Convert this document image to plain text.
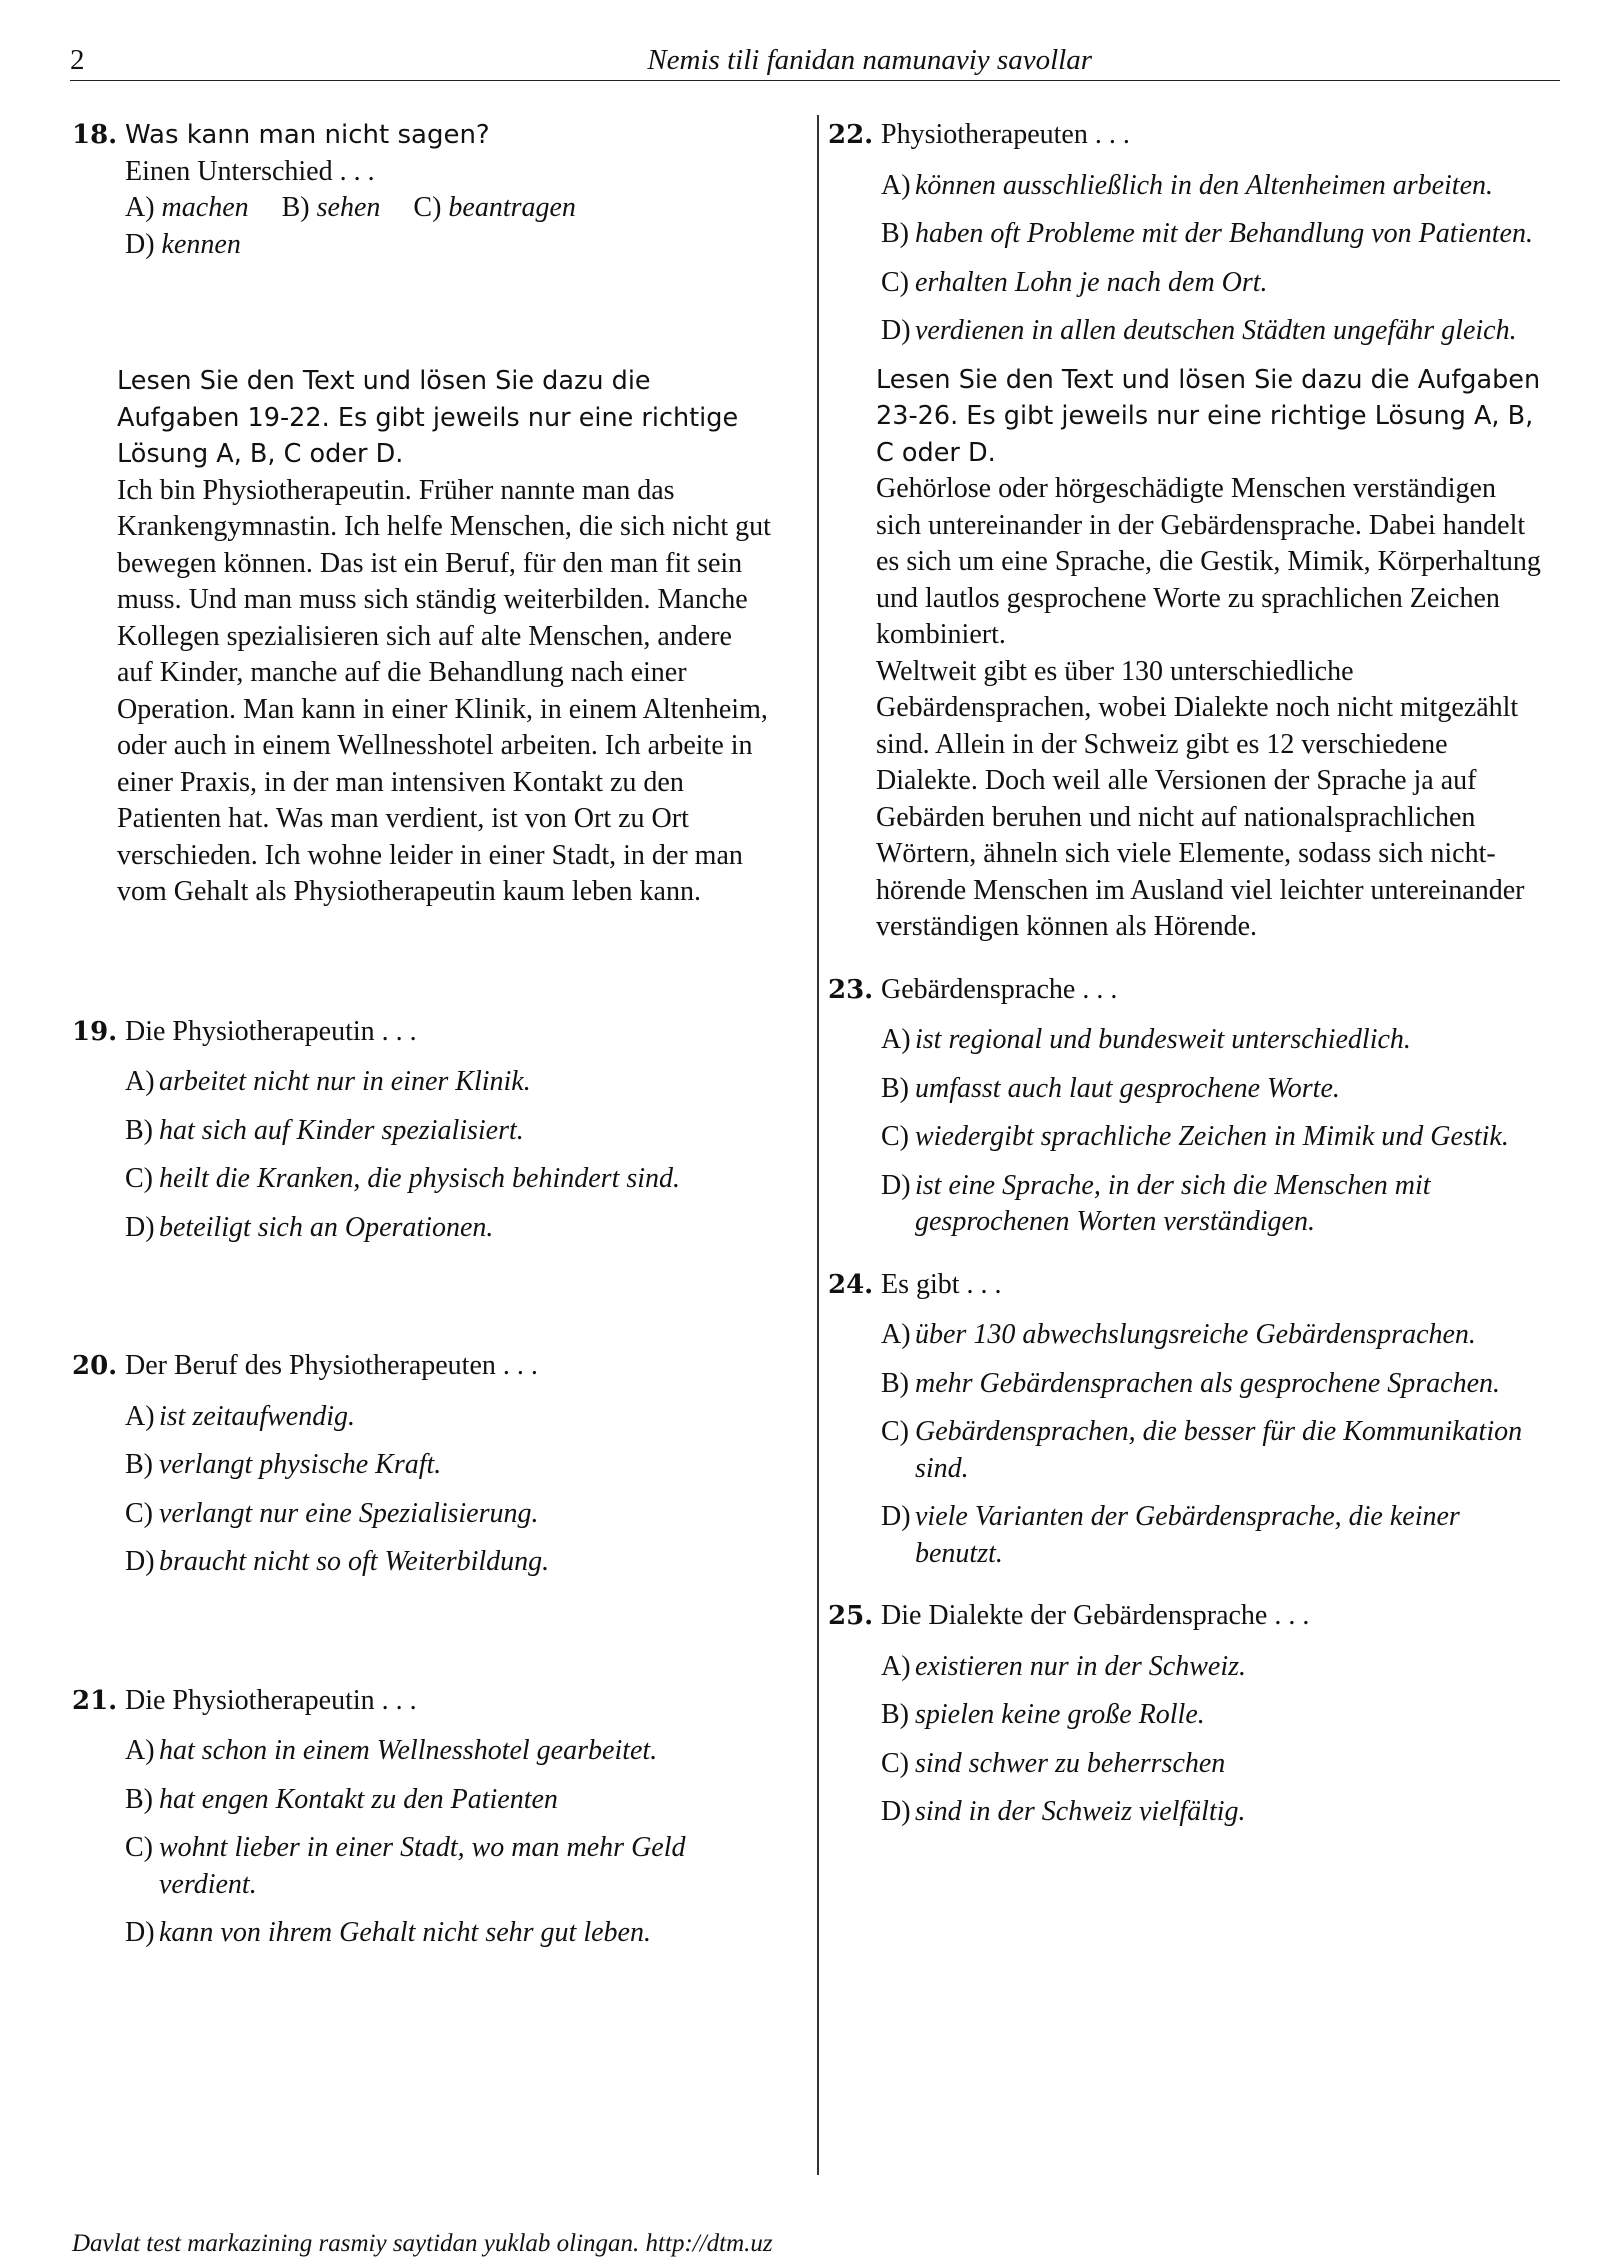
2	Nemis tili fanidan namunaviy savollar
18. Was kann man nicht sagen?
Einen Unterschied . . .
A) machen B) sehen C) beantragen
D) kennen
Lesen Sie den Text und lösen Sie dazu die Aufgaben 19-22. Es gibt jeweils nur eine richtige Lösung A, B, C oder D.
Ich bin Physiotherapeutin. Früher nannte man das Krankengymnastin. Ich helfe Menschen, die sich nicht gut bewegen können. Das ist ein Beruf, für den man fit sein muss. Und man muss sich ständig weiterbilden. Manche Kollegen spezialisieren sich auf alte Menschen, andere auf Kinder, manche auf die Behandlung nach einer Operation. Man kann in einer Klinik, in einem Altenheim, oder auch in einem Wellnesshotel arbeiten. Ich arbeite in einer Praxis, in der man intensiven Kontakt zu den Patienten hat. Was man verdient, ist von Ort zu Ort verschieden. Ich wohne leider in einer Stadt, in der man vom Gehalt als Physiotherapeutin kaum leben kann.
19. Die Physiotherapeutin . . .
A) arbeitet nicht nur in einer Klinik.
B) hat sich auf Kinder spezialisiert.
C) heilt die Kranken, die physisch behindert sind.
D) beteiligt sich an Operationen.
20. Der Beruf des Physiotherapeuten . . .
A) ist zeitaufwendig.
B) verlangt physische Kraft.
C) verlangt nur eine Spezialisierung.
D) braucht nicht so oft Weiterbildung.
21. Die Physiotherapeutin . . .
A) hat schon in einem Wellnesshotel gearbeitet.
B) hat engen Kontakt zu den Patienten
C) wohnt lieber in einer Stadt, wo man mehr Geld verdient.
D) kann von ihrem Gehalt nicht sehr gut leben.
22. Physiotherapeuten . . .
A) können ausschließlich in den Altenheimen arbeiten.
B) haben oft Probleme mit der Behandlung von Patienten.
C) erhalten Lohn je nach dem Ort.
D) verdienen in allen deutschen Städten ungefähr gleich.
Lesen Sie den Text und lösen Sie dazu die Aufgaben 23-26. Es gibt jeweils nur eine richtige Lösung A, B, C oder D.
Gehörlose oder hörgeschädigte Menschen verständigen sich untereinander in der Gebärdensprache. Dabei handelt es sich um eine Sprache, die Gestik, Mimik, Körperhaltung und lautlos gesprochene Worte zu sprachlichen Zeichen kombiniert.
Weltweit gibt es über 130 unterschiedliche Gebärdensprachen, wobei Dialekte noch nicht mitgezählt sind. Allein in der Schweiz gibt es 12 verschiedene Dialekte. Doch weil alle Versionen der Sprache ja auf Gebärden beruhen und nicht auf nationalsprachlichen Wörtern, ähneln sich viele Elemente, sodass sich nicht-hörende Menschen im Ausland viel leichter untereinander verständigen können als Hörende.
23. Gebärdensprache . . .
A) ist regional und bundesweit unterschiedlich.
B) umfasst auch laut gesprochene Worte.
C) wiedergibt sprachliche Zeichen in Mimik und Gestik.
D) ist eine Sprache, in der sich die Menschen mit gesprochenen Worten verständigen.
24. Es gibt . . .
A) über 130 abwechslungsreiche Gebärdensprachen.
B) mehr Gebärdensprachen als gesprochene Sprachen.
C) Gebärdensprachen, die besser für die Kommunikation sind.
D) viele Varianten der Gebärdensprache, die keiner benutzt.
25. Die Dialekte der Gebärdensprache . . .
A) existieren nur in der Schweiz.
B) spielen keine große Rolle.
C) sind schwer zu beherrschen
D) sind in der Schweiz vielfältig.
Davlat test markazining rasmiy saytidan yuklab olingan. http://dtm.uz
